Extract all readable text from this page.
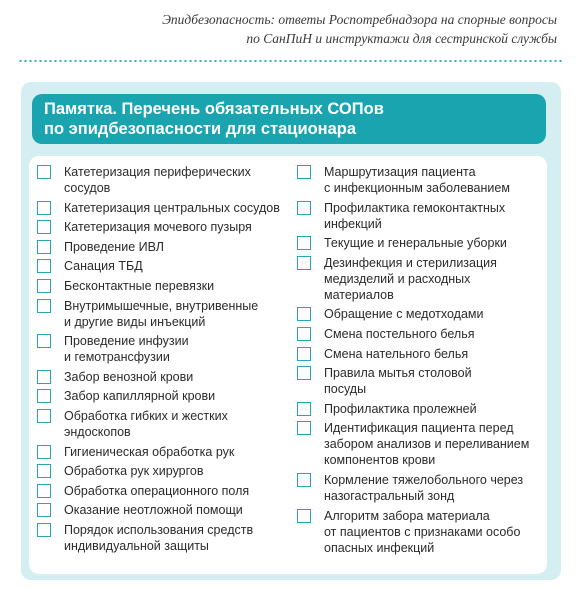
Эпидбезопасность: ответы Роспотребнадзора на спорные вопросы
по СанПиН и инструктажи для сестринской службы
Памятка. Перечень обязательных СОПов
по эпидбезопасности для стационара
Катетеризация периферических
сосудов
Катетеризация центральных сосудов
Катетеризация мочевого пузыря
Проведение ИВЛ
Санация ТБД
Бесконтактные перевязки
Внутримышечные, внутривенные
и другие виды инъекций
Проведение инфузии
и гемотрансфузии
Забор венозной крови
Забор капиллярной крови
Обработка гибких и жестких
эндоскопов
Гигиеническая обработка рук
Обработка рук хирургов
Обработка операционного поля
Оказание неотложной помощи
Порядок использования средств
индивидуальной защиты
Маршрутизация пациента
с инфекционным заболеванием
Профилактика гемоконтактных
инфекций
Текущие и генеральные уборки
Дезинфекция и стерилизация
медизделий и расходных
материалов
Обращение с медотходами
Смена постельного белья
Смена нательного белья
Правила мытья столовой
посуды
Профилактика пролежней
Идентификация пациента перед
забором анализов и переливанием
компонентов крови
Кормление тяжелобольного через
назогастральный зонд
Алгоритм забора материала
от пациентов с признаками особо
опасных инфекций
